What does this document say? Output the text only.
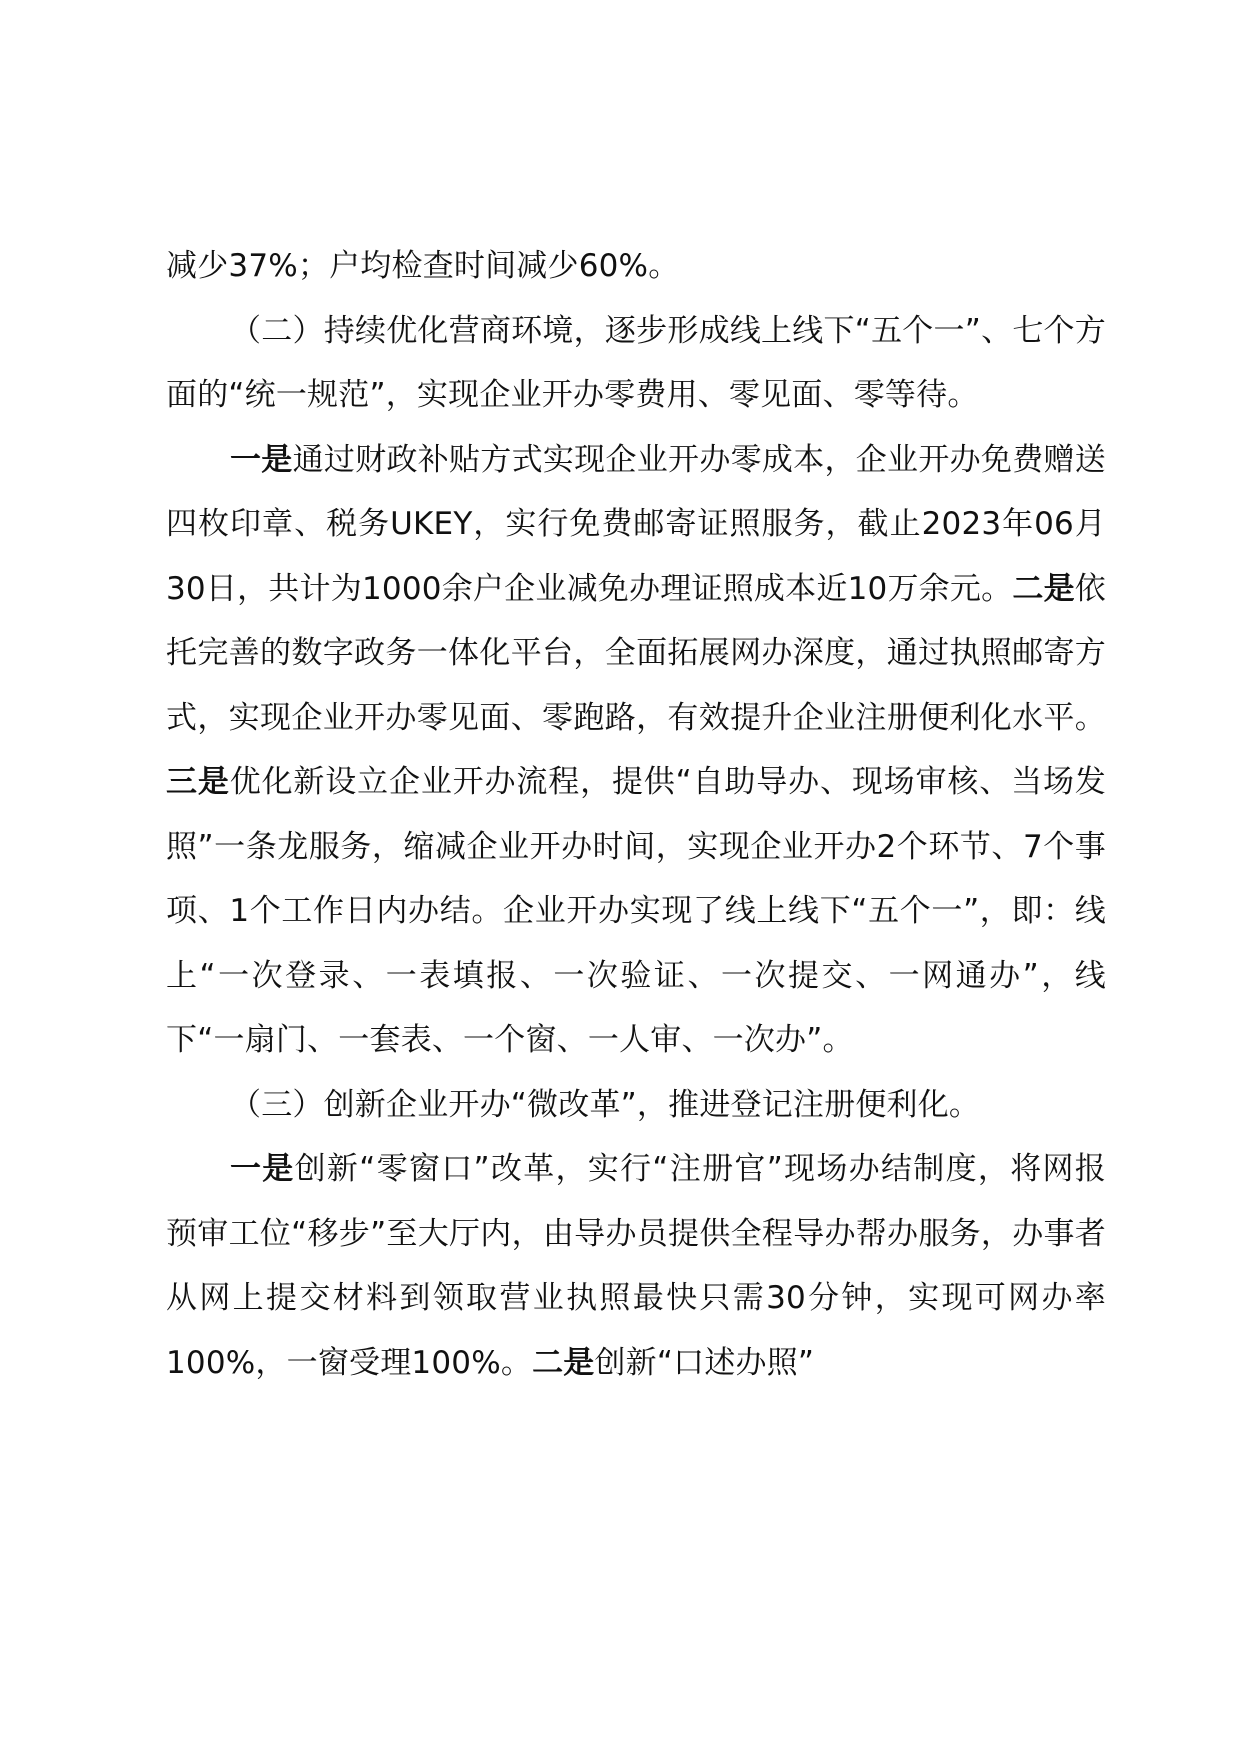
减少37%；户均检查时间减少60%。

（二）持续优化营商环境，逐步形成线上线下“五个一”、七个方面的“统一规范”，实现企业开办零费用、零见面、零等待。

一是通过财政补贴方式实现企业开办零成本，企业开办免费赠送四枚印章、税务UKEY，实行免费邮寄证照服务，截止2023年06月30日，共计为1000余户企业减免办理证照成本近10万余元。二是依托完善的数字政务一体化平台，全面拓展网办深度，通过执照邮寄方式，实现企业开办零见面、零跑路，有效提升企业注册便利化水平。三是优化新设立企业开办流程，提供“自助导办、现场审核、当场发照”一条龙服务，缩减企业开办时间，实现企业开办2个环节、7个事项、1个工作日内办结。企业开办实现了线上线下“五个一”，即：线上“一次登录、一表填报、一次验证、一次提交、一网通办”，线下“一扇门、一套表、一个窗、一人审、一次办”。

（三）创新企业开办“微改革”，推进登记注册便利化。

一是创新“零窗口”改革，实行“注册官”现场办结制度，将网报预审工位“移步”至大厅内，由导办员提供全程导办帮办服务，办事者从网上提交材料到领取营业执照最快只需30分钟，实现可网办率100%，一窗受理100%。二是创新“口述办照”
